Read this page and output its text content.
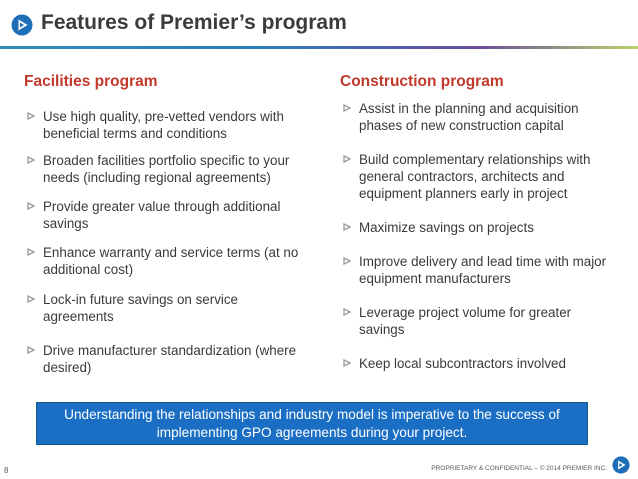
Features of Premier’s program
Facilities program
Use high quality, pre-vetted vendors with beneficial terms and conditions
Broaden facilities portfolio specific to your needs (including regional agreements)
Provide greater value through additional savings
Enhance warranty and service terms (at no additional cost)
Lock-in future savings on service agreements
Drive manufacturer standardization (where desired)
Construction program
Assist in the planning and acquisition phases of new construction capital
Build complementary relationships with general contractors, architects and equipment planners early in project
Maximize savings on projects
Improve delivery and lead time with major equipment manufacturers
Leverage project volume for greater savings
Keep local subcontractors involved
Understanding the relationships and industry model is imperative to the success of implementing GPO agreements during your project.
8	PROPRIETARY & CONFIDENTIAL – © 2014 PREMIER INC.
